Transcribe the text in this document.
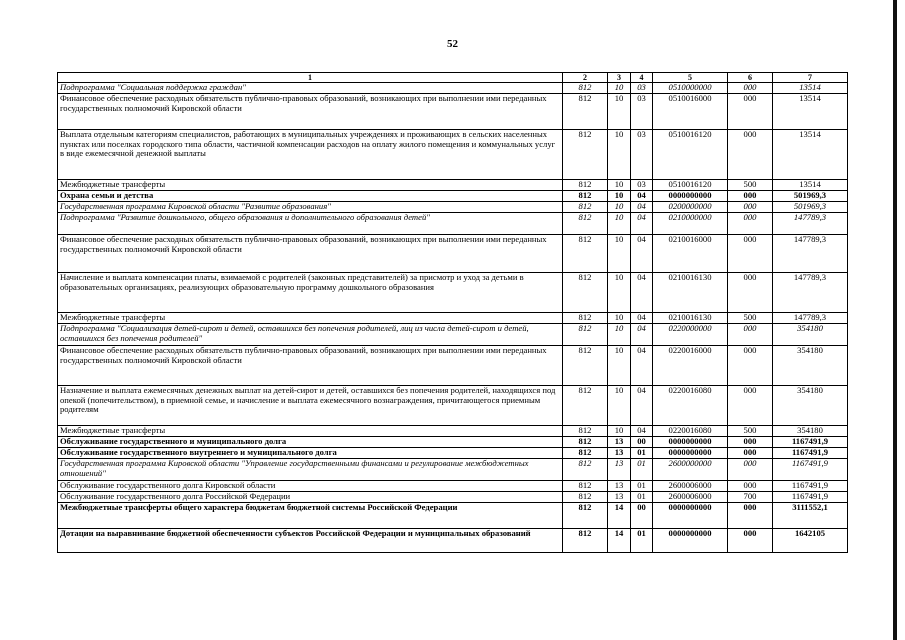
52
1	2	3	4	5	6	7
Подпрограмма "Социальная поддержка граждан"	812	10	03	0510000000	000	13514
Финансовое обеспечение расходных обязательств публично-правовых образований, возникающих при выполнении ими переданных государственных полномочий Кировской области	812	10	03	0510016000	000	13514
Выплата отдельным категориям специалистов, работающих в муниципальных учреждениях и проживающих в сельских населенных пунктах или поселках городского типа области, частичной компенсации расходов на оплату жилого помещения и коммунальных услуг в виде ежемесячной денежной выплаты	812	10	03	0510016120	000	13514
Межбюджетные трансферты	812	10	03	0510016120	500	13514
Охрана семьи и детства	812	10	04	0000000000	000	501969,3
Государственная программа Кировской области "Развитие образования"	812	10	04	0200000000	000	501969,3
Подпрограмма "Развитие дошкольного, общего образования и дополнительного образования детей"	812	10	04	0210000000	000	147789,3
Финансовое обеспечение расходных обязательств публично-правовых образований, возникающих при выполнении ими переданных государственных полномочий Кировской области	812	10	04	0210016000	000	147789,3
Начисление и выплата компенсации платы, взимаемой с родителей (законных представителей) за присмотр и уход за детьми в образовательных организациях, реализующих образовательную программу дошкольного образования	812	10	04	0210016130	000	147789,3
Межбюджетные трансферты	812	10	04	0210016130	500	147789,3
Подпрограмма "Социализация детей-сирот и детей, оставшихся без попечения родителей, лиц из числа детей-сирот и детей, оставшихся без попечения родителей"	812	10	04	0220000000	000	354180
Финансовое обеспечение расходных обязательств публично-правовых образований, возникающих при выполнении ими переданных государственных полномочий Кировской области	812	10	04	0220016000	000	354180
Назначение и выплата ежемесячных денежных выплат на детей-сирот и детей, оставшихся без попечения родителей, находящихся под опекой (попечительством), в приемной семье, и начисление и выплата ежемесячного вознаграждения, причитающегося приемным родителям	812	10	04	0220016080	000	354180
Межбюджетные трансферты	812	10	04	0220016080	500	354180
Обслуживание государственного и муниципального долга	812	13	00	0000000000	000	1167491,9
Обслуживание государственного внутреннего и муниципального долга	812	13	01	0000000000	000	1167491,9
Государственная программа Кировской области "Управление государственными финансами и регулирование межбюджетных отношений"	812	13	01	2600000000	000	1167491,9
Обслуживание государственного долга Кировской области	812	13	01	2600006000	000	1167491,9
Обслуживание государственного долга Российской Федерации	812	13	01	2600006000	700	1167491,9
Межбюджетные трансферты общего характера бюджетам бюджетной системы Российской Федерации	812	14	00	0000000000	000	3111552,1
Дотации на выравнивание бюджетной обеспеченности субъектов Российской Федерации и муниципальных образований	812	14	01	0000000000	000	1642105
